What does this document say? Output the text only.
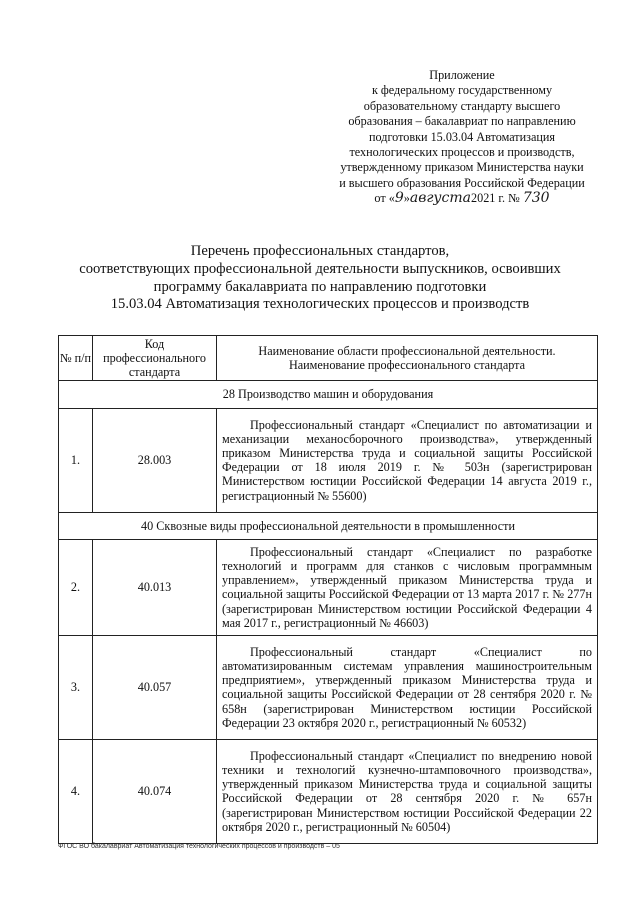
Приложение
к федеральному государственному
образовательному стандарту высшего
образования – бакалавриат по направлению
подготовки 15.03.04 Автоматизация
технологических процессов и производств,
утвержденному приказом Министерства науки
и высшего образования Российской Федерации
от «9»августа2021 г. № 730
Перечень профессиональных стандартов,
соответствующих профессиональной деятельности выпускников, освоивших
программу бакалавриата по направлению подготовки
15.03.04 Автоматизация технологических процессов и производств
№ п/п	Код профессионального стандарта	Наименование области профессиональной деятельности. Наименование профессионального стандарта
28 Производство машин и оборудования		
1.	28.003	Профессиональный стандарт «Специалист по автоматизации и механизации механосборочного производства», утвержденный приказом Министерства труда и социальной защиты Российской Федерации от 18 июля 2019 г. № 503н (зарегистрирован Министерством юстиции Российской Федерации 14 августа 2019 г., регистрационный № 55600)
40 Сквозные виды профессиональной деятельности в промышленности		
2.	40.013	Профессиональный стандарт «Специалист по разработке технологий и программ для станков с числовым программным управлением», утвержденный приказом Министерства труда и социальной защиты Российской Федерации от 13 марта 2017 г. № 277н (зарегистрирован Министерством юстиции Российской Федерации 4 мая 2017 г., регистрационный № 46603)
3.	40.057	Профессиональный стандарт «Специалист по автоматизированным системам управления машиностроительным предприятием», утвержденный приказом Министерства труда и социальной защиты Российской Федерации от 28 сентября 2020 г. № 658н (зарегистрирован Министерством юстиции Российской Федерации 23 октября 2020 г., регистрационный № 60532)
4.	40.074	Профессиональный стандарт «Специалист по внедрению новой техники и технологий кузнечно-штамповочного производства», утвержденный приказом Министерства труда и социальной защиты Российской Федерации от 28 сентября 2020 г. № 657н (зарегистрирован Министерством юстиции Российской Федерации 22 октября 2020 г., регистрационный № 60504)
ФГОС ВО бакалавриат Автоматизация технологических процессов и производств – 05
